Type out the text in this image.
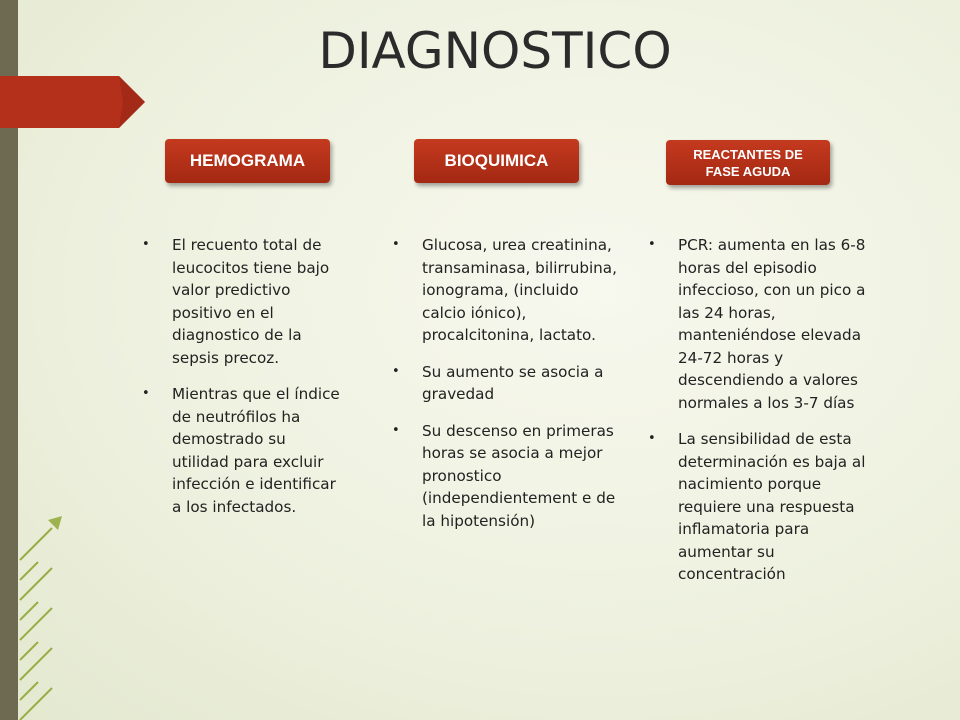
DIAGNOSTICO
HEMOGRAMA	BIOQUIMICA	REACTANTES DE
FASE AGUDA
• El recuento total de leucocitos tiene bajo valor predictivo positivo en el diagnostico de la sepsis precoz.
• Mientras que el índice de neutrófilos ha demostrado su utilidad para excluir infección e identificar a los infectados.
• Glucosa, urea creatinina, transaminasa, bilirrubina, ionograma, (incluido calcio iónico), procalcitonina, lactato.
• Su aumento se asocia a gravedad
• Su descenso en primeras horas se asocia a mejor pronostico (independientement e de la hipotensión)
• PCR: aumenta en las 6-8 horas del episodio infeccioso, con un pico a las 24 horas, manteniéndose elevada 24-72 horas y descendiendo a valores normales a los 3-7 días
• La sensibilidad de esta determinación es baja al nacimiento porque requiere una respuesta inflamatoria para aumentar su concentración
